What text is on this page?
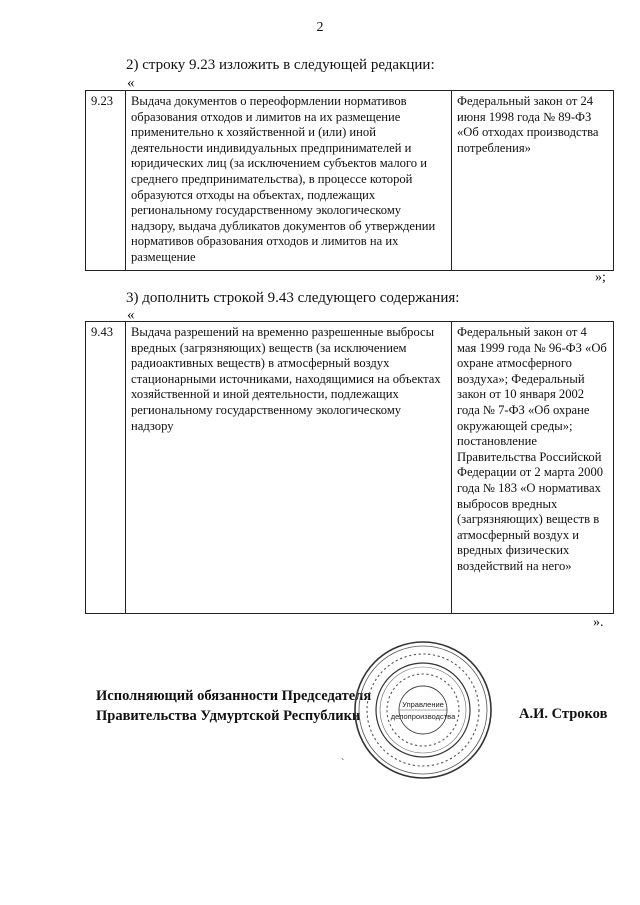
2
2) строку 9.23 изложить в следующей редакции:
«
9.23	Выдача документов о переоформлении нормативов образования отходов и лимитов на их размещение применительно к хозяйственной и (или) иной деятельности индивидуальных предпринимателей и юридических лиц (за исключением субъектов малого и среднего предпринимательства), в процессе которой образуются отходы на объектах, подлежащих региональному государственному экологическому надзору, выдача дубликатов документов об утверждении нормативов образования отходов и лимитов на их размещение	Федеральный закон от 24 июня 1998 года № 89-ФЗ «Об отходах производства потребления»
»;
3) дополнить строкой 9.43 следующего содержания:
«
9.43	Выдача разрешений на временно разрешенные выбросы вредных (загрязняющих) веществ (за исключением радиоактивных веществ) в атмосферный воздух стационарными источниками, находящимися на объектах хозяйственной и иной деятельности, подлежащих региональному государственному экологическому надзору	Федеральный закон от 4 мая 1999 года № 96-ФЗ «Об охране атмосферного воздуха»; Федеральный закон от 10 января 2002 года № 7-ФЗ «Об охране окружающей среды»; постановление Правительства Российской Федерации от 2 марта 2000 года № 183 «О нормативах выбросов вредных (загрязняющих) веществ в атмосферный воздух и вредных физических воздействий на него»
».
Исполняющий обязанности Председателя
Правительства Удмуртской Республики	А.И. Строков
Управление
делопроизводства
ˋ
